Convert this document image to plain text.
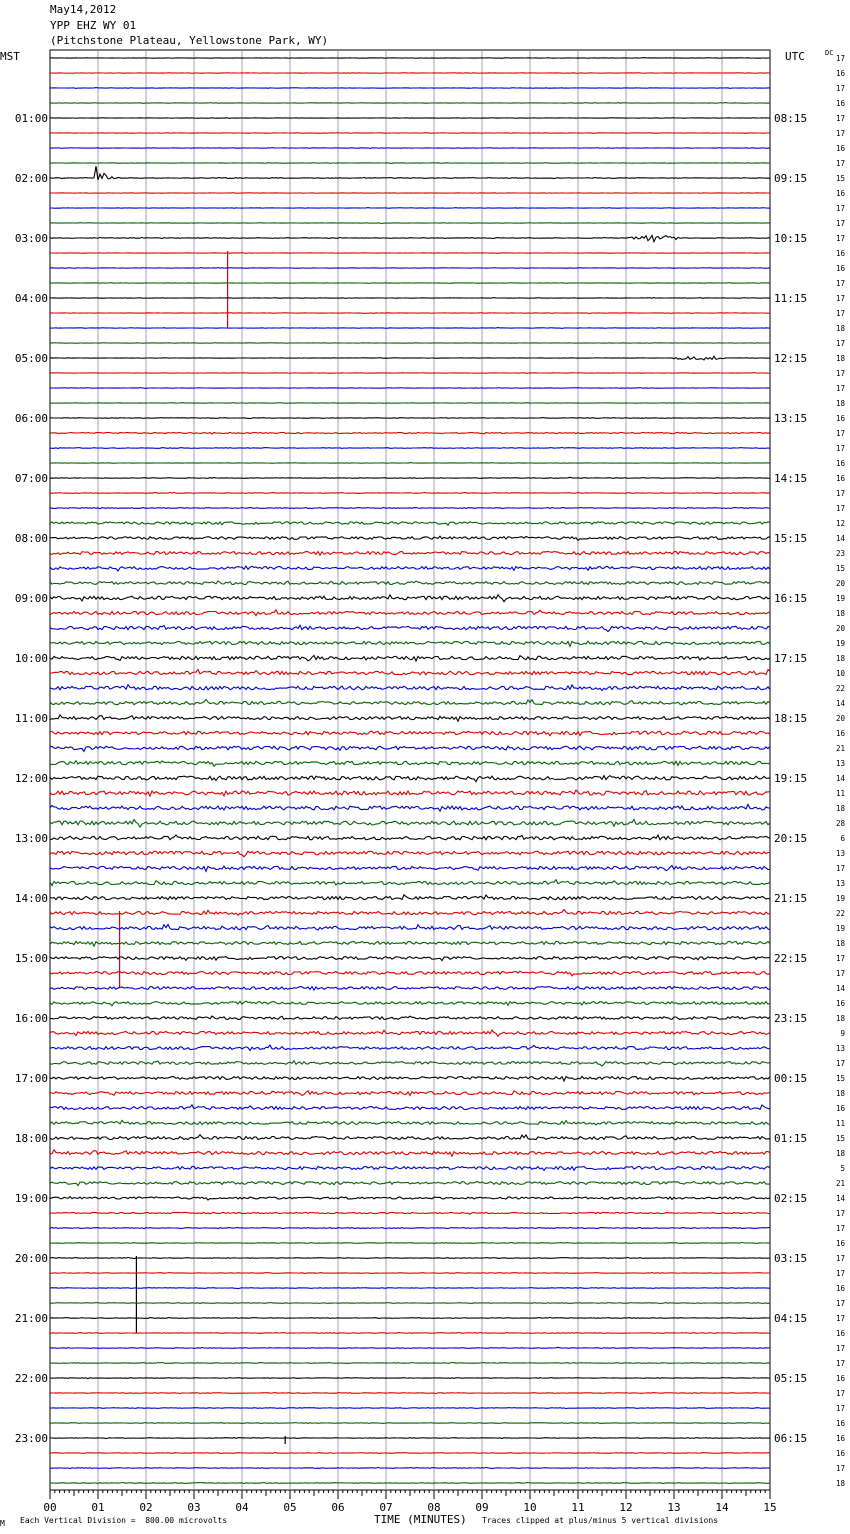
00	01	02	03	04	05	06	07	08	09	10	11	12	13	14	15
17
16
17
16
17
17
16
17
15
16
17
17
17
16
16
17
17
17
18
17
18
17
17
18
16
17
17
16
16
17
17
12
14
23
15
20
19
18
20
19
18
10
22
14
20
16
21
13
14
11
18
28
6
13
17
13
19
22
19
18
17
17
14
16
18
9
13
17
15
18
16
11
15
18
5
21
14
17
17
16
17
17
16
17
17
16
17
17
16
17
17
16
16
16
17
18
01:00	08:15
02:00	09:15
03:00	10:15
04:00	11:15
05:00	12:15
06:00	13:15
07:00	14:15
08:00	15:15
09:00	16:15
10:00	17:15
11:00	18:15
12:00	19:15
13:00	20:15
14:00	21:15
15:00	22:15
16:00	23:15
17:00	00:15
18:00	01:15
19:00	02:15
20:00	03:15
21:00	04:15
22:00	05:15
23:00	06:15
May14,2012
YPP EHZ WY 01
(Pitchstone Plateau, Yellowstone Park, WY)
MST	UTC	DC
M Each Vertical Division =  800.00 microvolts	TIME (MINUTES) Traces clipped at plus/minus 5 vertical divisions
